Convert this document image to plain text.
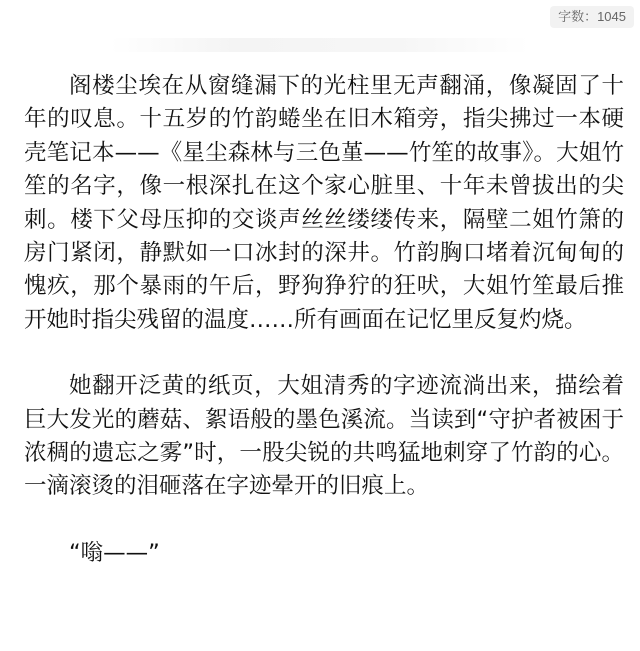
字数：1045

阁楼尘埃在从窗缝漏下的光柱里无声翻涌，像凝固了十年的叹息。十五岁的竹韵蜷坐在旧木箱旁，指尖拂过一本硬壳笔记本——《星尘森林与三色堇——竹笙的故事》。大姐竹笙的名字，像一根深扎在这个家心脏里、十年未曾拔出的尖刺。楼下父母压抑的交谈声丝丝缕缕传来，隔壁二姐竹箫的房门紧闭，静默如一口冰封的深井。竹韵胸口堵着沉甸甸的愧疚，那个暴雨的午后，野狗狰狞的狂吠，大姐竹笙最后推开她时指尖残留的温度……所有画面在记忆里反复灼烧。

她翻开泛黄的纸页，大姐清秀的字迹流淌出来，描绘着巨大发光的蘑菇、絮语般的墨色溪流。当读到“守护者被困于浓稠的遗忘之雾”时，一股尖锐的共鸣猛地刺穿了竹韵的心。一滴滚烫的泪砸落在字迹晕开的旧痕上。

“嗡——”
